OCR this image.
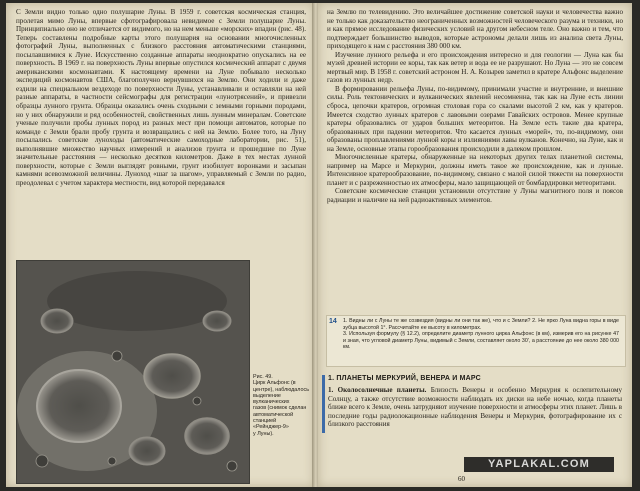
С Земли видно только одно полушарие Луны. В 1959 г. советская космическая станция, пролетая мимо Луны, впервые сфотографировала невидимое с Земли полушарие Луны. Принципиально оно не отличается от видимого, но на нем меньше «морских» впадин (рис. 48). Теперь составлены подробные карты этого полушария на основании многочисленных фотографий Луны, выполненных с близкого расстояния автоматическими станциями, посылавшимися к Луне. Искусственно созданные аппараты неоднократно опускались на ее поверхность. В 1969 г. на поверхность Луны впервые опустился космический аппарат с двумя американскими космонавтами. К настоящему времени на Луне побывало несколько экспедиций космонавтов США, благополучно вернувшихся на Землю. Они ходили и даже ездили на специальном вездеходе по поверхности Луны, устанавливали и оставляли на ней разные аппараты, в частности сейсмографы для регистрации «лунотрясений», и привезли образцы лунного грунта. Образцы оказались очень сходными с земными горными породами, но у них обнаружили и ряд особенностей, свойственных лишь лунным минералам. Советские ученые получили пробы лунных пород из разных мест при помощи автоматов, которые по команде с Земли брали пробу грунта и возвращались с ней на Землю. Более того, на Луну посылались советские луноходы (автоматические самоходные лаборатории, рис. 51), выполнявшие множество научных измерений и анализов грунта и прошедшие по Луне значительные расстояния — несколько десятков километров. Даже в тех местах лунной поверхности, которые с Земли выглядят ровными, грунт изобилует воронками и засыпан камнями всевозможной величины. Луноход «шаг за шагом», управляемый с Земли по радио, преодолевал с учетом характера местности, вид которой передавался

Рис. 49.
Цирк Альфонс (в
центре), наблюдалось
выделение вулканических
газов (снимок сделан
автоматической станцией
«Рейнджер-9»
у Луны).

на Землю по телевидению. Это величайшее достижение советской науки и человечества важно не только как доказательство неограниченных возможностей человеческого разума и техники, но и как прямое исследование физических условий на другом небесном теле. Оно важно и тем, что подтверждает большинство выводов, которые астрономы делали лишь из анализа света Луны, приходящего к нам с расстояния 380 000 км.

Изучение лунного рельефа и его происхождения интересно и для геологии — Луна как бы музей древней истории ее коры, так как ветер и вода ее не разрушают. Но Луна — это не совсем мертвый мир. В 1958 г. советский астроном Н. А. Козырев заметил в кратере Альфонс выделение газов из лунных недр.

В формировании рельефа Луны, по-видимому, принимали участие и внутренние, и внешние силы. Роль тектонических и вулканических явлений несомненна, так как на Луне есть линии сброса, цепочки кратеров, огромная столовая гора со скалами высотой 2 км, как у кратеров. Имеется сходство лунных кратеров с лавовыми озерами Гавайских островов. Менее крупные кратеры образовались от ударов больших метеоритов. На Земле есть такие два кратера, образованных при падении метеоритов. Что касается лунных «морей», то, по-видимому, они образованы проплавлениями лунной коры и излияниями лавы вулканов. Конечно, на Луне, как и на Земле, основные этапы горообразования происходили в далеком прошлом.

Многочисленные кратеры, обнаруженные на некоторых других телах планетной системы, например на Марсе и Меркурии, должны иметь такое же происхождение, как и лунные. Интенсивное кратерообразование, по-видимому, связано с малой силой тяжести на поверхности планет и с разреженностью их атмосферы, мало защищающей от бомбардировки метеоритами.

Советские космические станции установили отсутствие у Луны магнитного поля и поясов радиации и наличие на ней радиоактивных элементов.

14	1. Видны ли с Луны те же созвездия (видны ли они так же), что и с Земли? 2. Не ярко Луна видна горы в виде зубца высотой 1°. Рассчитайте ее высоту в километрах.
3. Используя формулу (§ 12.2), определите диаметр лунного цирка Альфонс (в км), измерив его на рисунке 47 и зная, что угловой диаметр Луны, видимый с Земли, составляет около 30', а расстояние до нее около 380 000 км.
1. ПЛАНЕТЫ МЕРКУРИЙ, ВЕНЕРА И МАРС

1. Околосолнечные планеты. Близость Венеры и особенно Меркурия к ослепительному Солнцу, а также отсутствие возможности наблюдать их диски на небе ночью, когда планеты ближе всего к Земле, очень затрудняют изучение поверхности и атмосферы этих планет. Лишь в последние годы радиолокационные наблюдения Венеры и Меркурия, фотографирование их с близкого расстояния

60
YAPLAKAL.COM
